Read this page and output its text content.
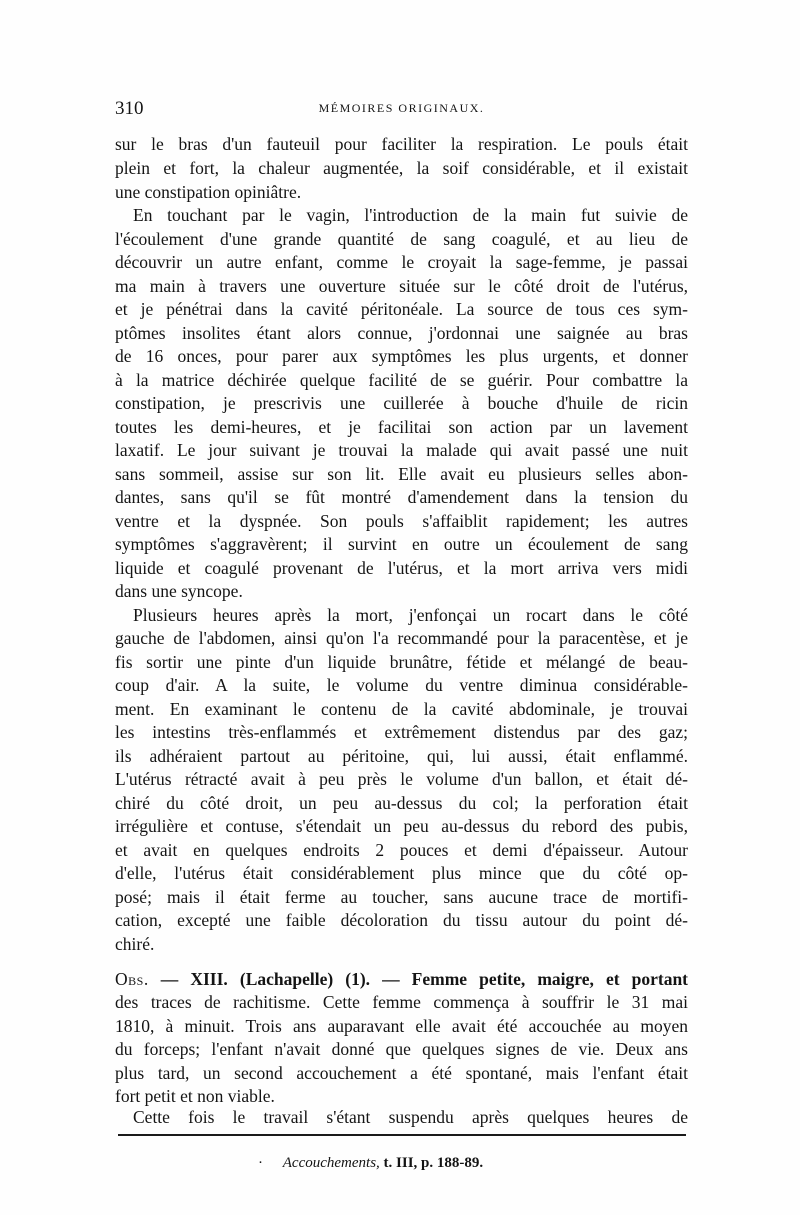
310	MÉMOIRES ORIGINAUX.
sur le bras d'un fauteuil pour faciliter la respiration. Le pouls était
plein et fort, la chaleur augmentée, la soif considérable, et il existait
une constipation opiniâtre.
En touchant par le vagin, l'introduction de la main fut suivie de
l'écoulement d'une grande quantité de sang coagulé, et au lieu de
découvrir un autre enfant, comme le croyait la sage-femme, je passai
ma main à travers une ouverture située sur le côté droit de l'utérus,
et je pénétrai dans la cavité péritonéale. La source de tous ces sym-
ptômes insolites étant alors connue, j'ordonnai une saignée au bras
de 16 onces, pour parer aux symptômes les plus urgents, et donner
à la matrice déchirée quelque facilité de se guérir. Pour combattre la
constipation, je prescrivis une cuillerée à bouche d'huile de ricin
toutes les demi-heures, et je facilitai son action par un lavement
laxatif. Le jour suivant je trouvai la malade qui avait passé une nuit
sans sommeil, assise sur son lit. Elle avait eu plusieurs selles abon-
dantes, sans qu'il se fût montré d'amendement dans la tension du
ventre et la dyspnée. Son pouls s'affaiblit rapidement; les autres
symptômes s'aggravèrent; il survint en outre un écoulement de sang
liquide et coagulé provenant de l'utérus, et la mort arriva vers midi
dans une syncope.
Plusieurs heures après la mort, j'enfonçai un rocart dans le côté
gauche de l'abdomen, ainsi qu'on l'a recommandé pour la paracentèse, et je
fis sortir une pinte d'un liquide brunâtre, fétide et mélangé de beau-
coup d'air. A la suite, le volume du ventre diminua considérable-
ment. En examinant le contenu de la cavité abdominale, je trouvai
les intestins très-enflammés et extrêmement distendus par des gaz;
ils adhéraient partout au péritoine, qui, lui aussi, était enflammé.
L'utérus rétracté avait à peu près le volume d'un ballon, et était dé-
chiré du côté droit, un peu au-dessus du col; la perforation était
irrégulière et contuse, s'étendait un peu au-dessus du rebord des pubis,
et avait en quelques endroits 2 pouces et demi d'épaisseur. Autour
d'elle, l'utérus était considérablement plus mince que du côté op-
posé; mais il était ferme au toucher, sans aucune trace de mortifi-
cation, excepté une faible décoloration du tissu autour du point dé-
chiré.
Obs. — XIII. (Lachapelle) (1). — Femme petite, maigre, et portant
des traces de rachitisme. Cette femme commença à souffrir le 31 mai
1810, à minuit. Trois ans auparavant elle avait été accouchée au moyen
du forceps; l'enfant n'avait donné que quelques signes de vie. Deux ans
plus tard, un second accouchement a été spontané, mais l'enfant était
fort petit et non viable.
Cette fois le travail s'étant suspendu après quelques heures de
· Accouchements, t. III, p. 188-89.
